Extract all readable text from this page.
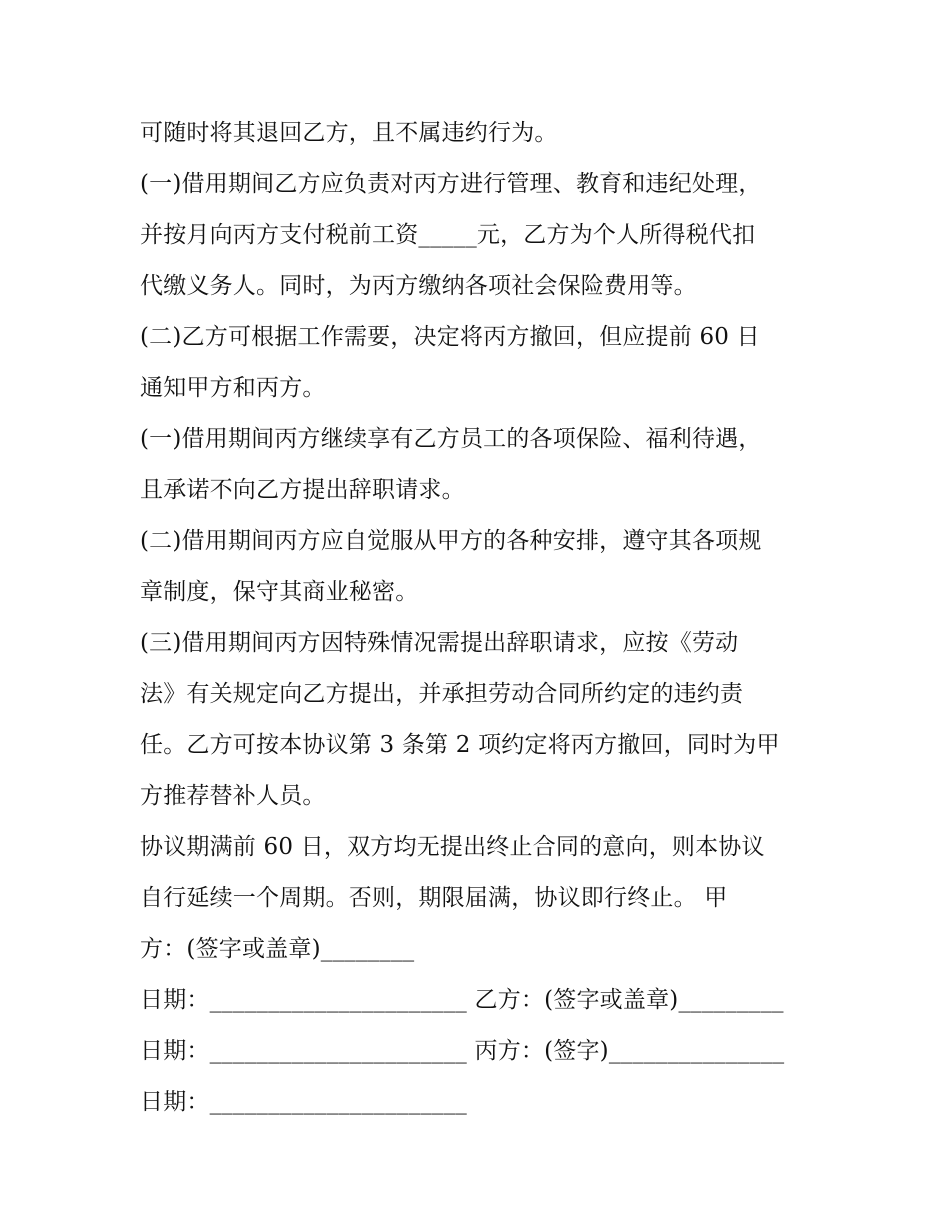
可随时将其退回乙方，且不属违约行为。
(一)借用期间乙方应负责对丙方进行管理、教育和违纪处理，
并按月向丙方支付税前工资_____元，乙方为个人所得税代扣
代缴义务人。同时，为丙方缴纳各项社会保险费用等。
(二)乙方可根据工作需要，决定将丙方撤回，但应提前 60 日
通知甲方和丙方。
(一)借用期间丙方继续享有乙方员工的各项保险、福利待遇，
且承诺不向乙方提出辞职请求。
(二)借用期间丙方应自觉服从甲方的各种安排，遵守其各项规
章制度，保守其商业秘密。
(三)借用期间丙方因特殊情况需提出辞职请求，应按《劳动
法》有关规定向乙方提出，并承担劳动合同所约定的违约责
任。乙方可按本协议第 3 条第 2 项约定将丙方撤回，同时为甲
方推荐替补人员。
协议期满前 60 日，双方均无提出终止合同的意向，则本协议
自行延续一个周期。否则，期限届满，协议即行终止。 甲
方：(签字或盖章)________
日期：______________________ 乙方：(签字或盖章)_________
日期：______________________ 丙方：(签字)_______________
日期：______________________
